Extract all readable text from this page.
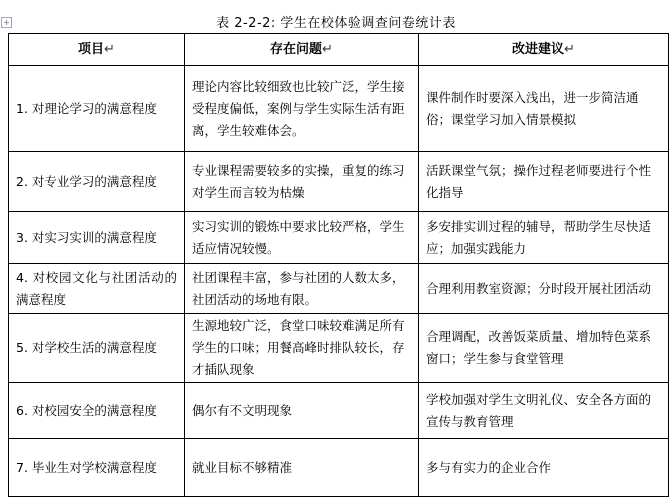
+	表 2-2-2: 学生在校体验调查问卷统计表
项目↵	存在问题↵	改进建议↵
1. 对理论学习的满意程度	理论内容比较细致也比较广泛，学生接受程度偏低，案例与学生实际生活有距离，学生较难体会。	课件制作时要深入浅出，进一步简洁通俗；课堂学习加入情景模拟
2. 对专业学习的满意程度	专业课程需要较多的实操，重复的练习对学生而言较为枯燥	活跃课堂气氛；操作过程老师要进行个性化指导
3. 对实习实训的满意程度	实习实训的锻炼中要求比较严格，学生适应情况较慢。	多安排实训过程的辅导，帮助学生尽快适应；加强实践能力
4. 对校园文化与社团活动的满意程度	社团课程丰富，参与社团的人数太多，社团活动的场地有限。	合理利用教室资源；分时段开展社团活动
5. 对学校生活的满意程度	生源地较广泛，食堂口味较难满足所有学生的口味；用餐高峰时排队较长，存才插队现象	合理调配，改善饭菜质量、增加特色菜系窗口；学生参与食堂管理
6. 对校园安全的满意程度	偶尔有不文明现象	学校加强对学生文明礼仪、安全各方面的宣传与教育管理
7. 毕业生对学校满意程度	就业目标不够精准	多与有实力的企业合作
